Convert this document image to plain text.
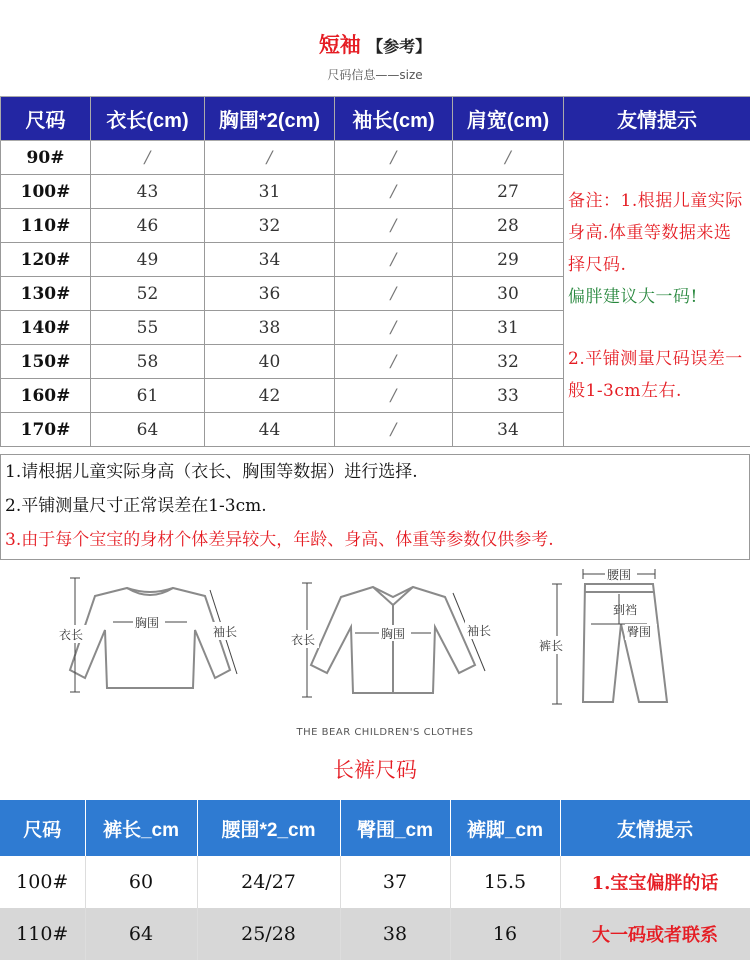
短袖 【参考】
尺码信息——size
尺码	衣长(cm)	胸围*2(cm)	袖长(cm)	肩宽(cm)	友情提示
90#	/	/	/	/	备注：1.根据儿童实际身高.体重等数据来选择尺码.
偏胖建议大一码!

2.平铺测量尺码误差一般1-3cm左右.
100#	43	31	/	27	
110#	46	32	/	28	
120#	49	34	/	29	
130#	52	36	/	30	
140#	55	38	/	31	
150#	58	40	/	32	
160#	61	42	/	33	
170#	64	44	/	34	
1.请根据儿童实际身高（衣长、胸围等数据）进行选择.
2.平铺测量尺寸正常误差在1-3cm.
3.由于每个宝宝的身材个体差异较大，年龄、身高、体重等参数仅供参考.
衣长
胸围
袖长
衣长	胸围	袖长
腰围
到裆
臀围
裤长
THE BEAR CHILDREN'S CLOTHES
长裤尺码
尺码	裤长_cm	腰围*2_cm	臀围_cm	裤脚_cm	友情提示
100#	60	24/27	37	15.5	1.宝宝偏胖的话
110#	64	25/28	38	16	大一码或者联系
